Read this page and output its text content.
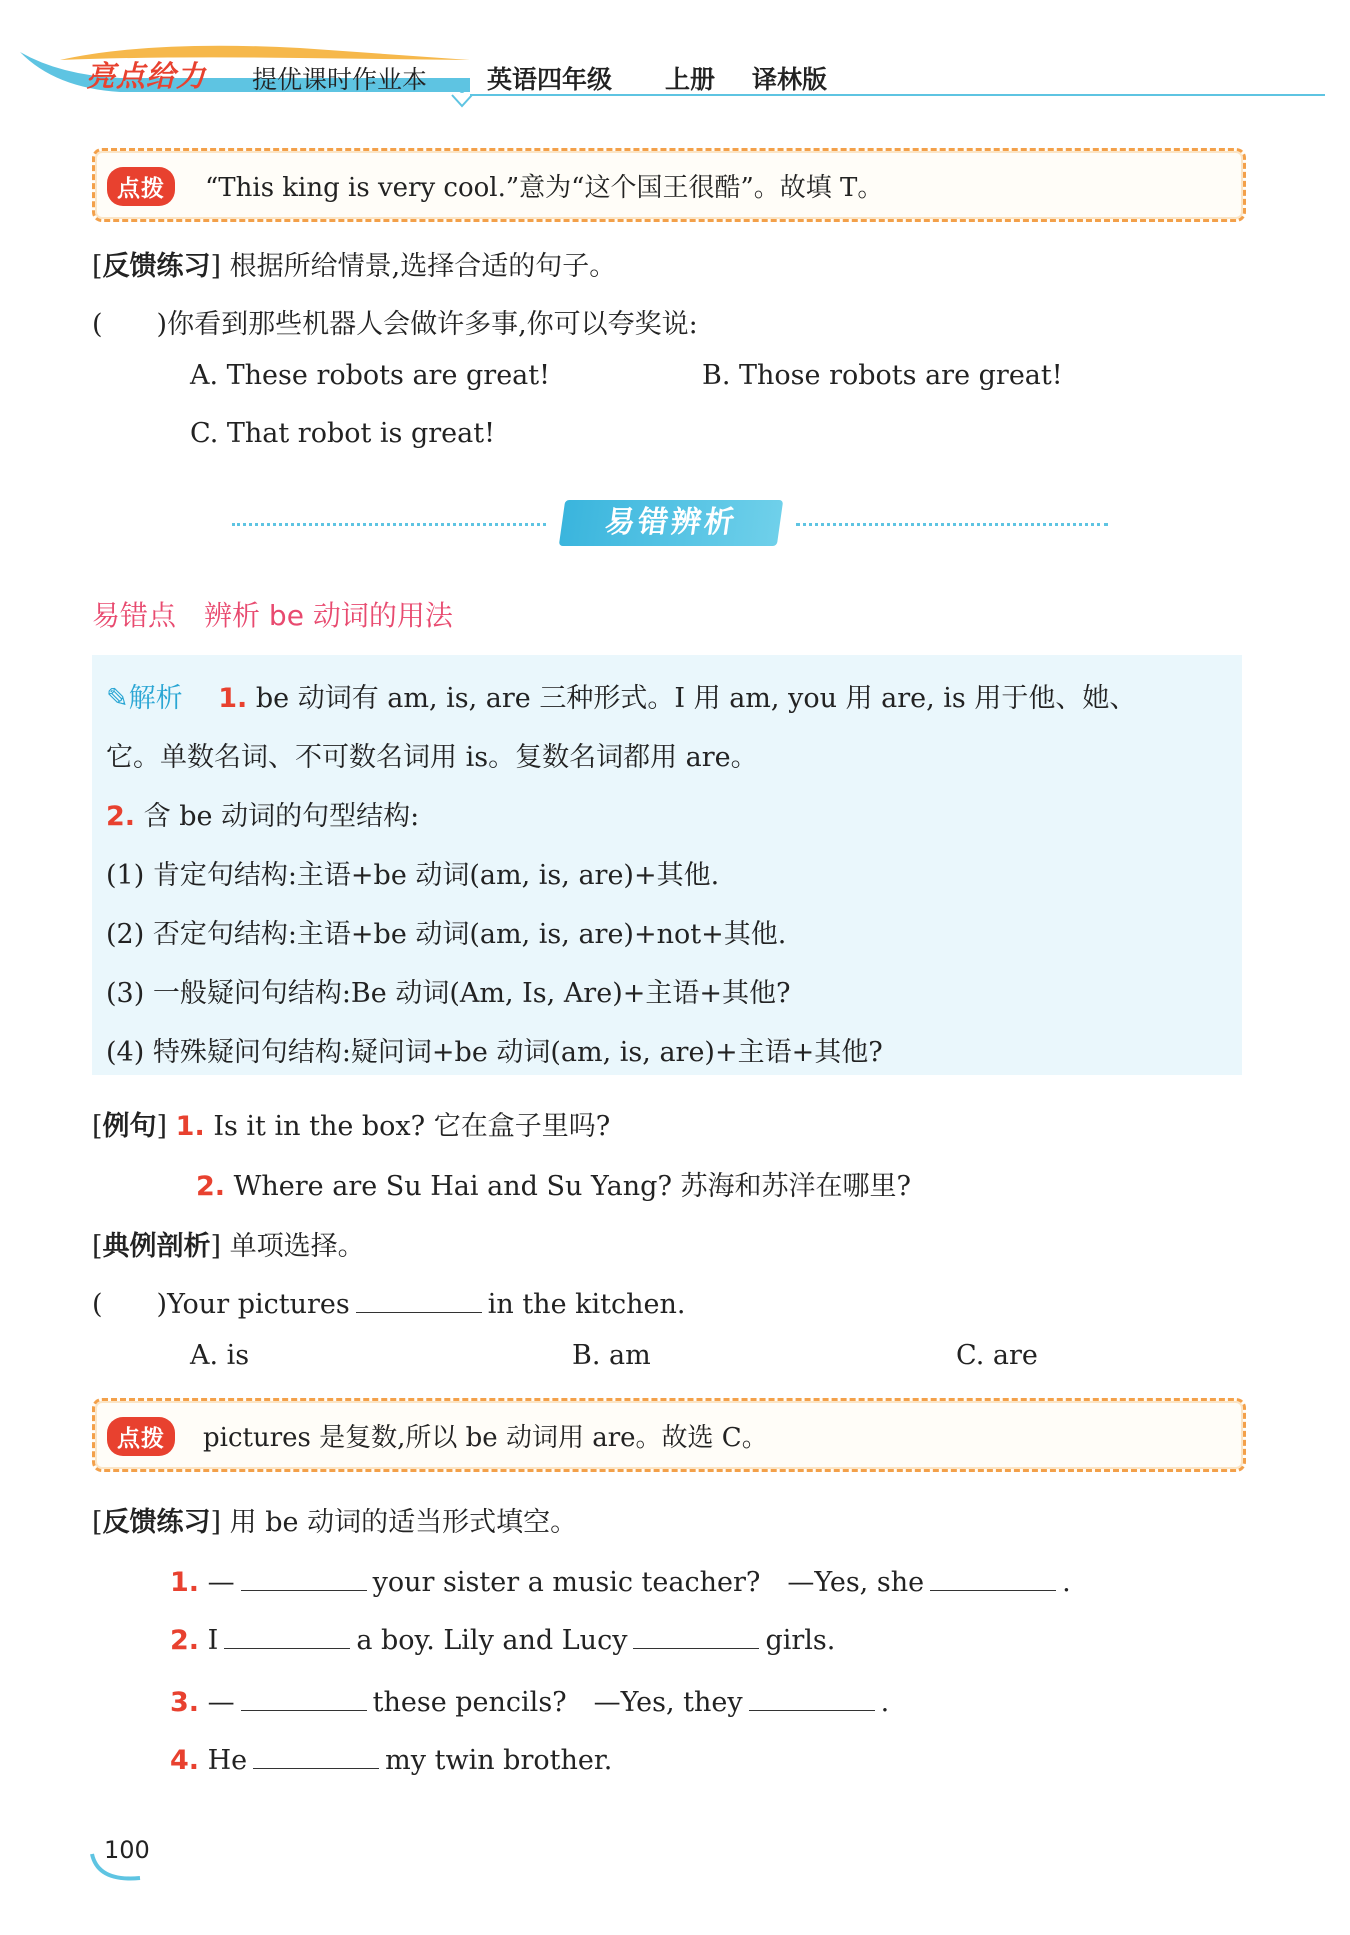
亮点给力 提优课时作业本 英语四年级 上册 译林版
点拨	“This king is very cool.”意为“这个国王很酷”。故填 T。
[反馈练习] 根据所给情景,选择合适的句子。
(　　)你看到那些机器人会做许多事,你可以夸奖说:
A. These robots are great!	B. Those robots are great!
C. That robot is great!
易错辨析
易错点　 辨析 be 动词的用法
✎解析　 1. be 动词有 am, is, are 三种形式。I 用 am, you 用 are, is 用于他、她、
它。单数名词、不可数名词用 is。复数名词都用 are。
2. 含 be 动词的句型结构:
(1) 肯定句结构:主语+be 动词(am, is, are)+其他.
(2) 否定句结构:主语+be 动词(am, is, are)+not+其他.
(3) 一般疑问句结构:Be 动词(Am, Is, Are)+主语+其他?
(4) 特殊疑问句结构:疑问词+be 动词(am, is, are)+主语+其他?
[例句] 1. Is it in the box? 它在盒子里吗?
2. Where are Su Hai and Su Yang? 苏海和苏洋在哪里?
[典例剖析] 单项选择。
(　　)Your pictures	in the kitchen.
A. is	B. am	C. are
点拨	pictures 是复数,所以 be 动词用 are。故选 C。
[反馈练习] 用 be 动词的适当形式填空。
1. —	your sister a music teacher?　 —Yes, she	.
2. I	a boy. Lily and Lucy	girls.
3. —	these pencils?　 —Yes, they	.
4. He	my twin brother.
100
